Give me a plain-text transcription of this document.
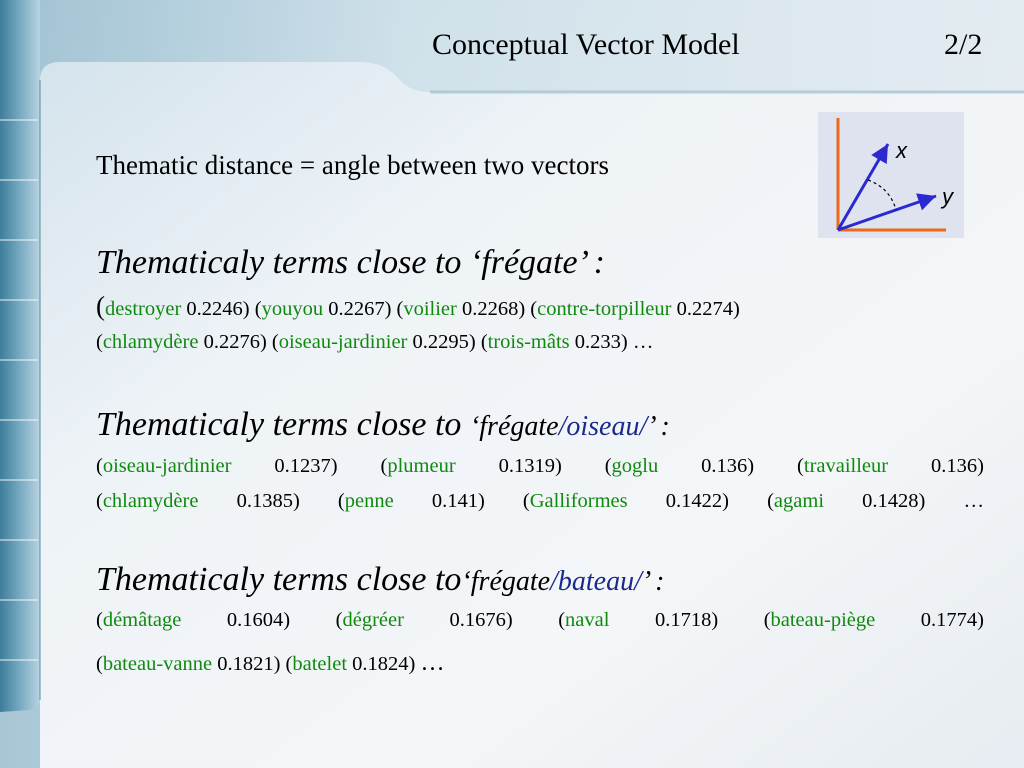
Conceptual Vector Model	2/2
x
y
Thematic distance = angle between two vectors
Thematicaly terms close to ‘frégate’ :
(destroyer 0.2246) (youyou 0.2267) (voilier 0.2268) (contre-torpilleur 0.2274)
(chlamydère 0.2276) (oiseau-jardinier 0.2295) (trois-mâts 0.233) …
Thematicaly terms close to ‘frégate/oiseau/’ :
(oiseau-jardinier 0.1237) (plumeur 0.1319) (goglu 0.136) (travailleur 0.136)
(chlamydère 0.1385) (penne 0.141) (Galliformes 0.1422) (agami 0.1428) …
Thematicaly terms close to‘frégate/bateau/’ :
(démâtage 0.1604) (dégréer 0.1676) (naval 0.1718) (bateau-piège 0.1774)
(bateau-vanne 0.1821) (batelet 0.1824) …
